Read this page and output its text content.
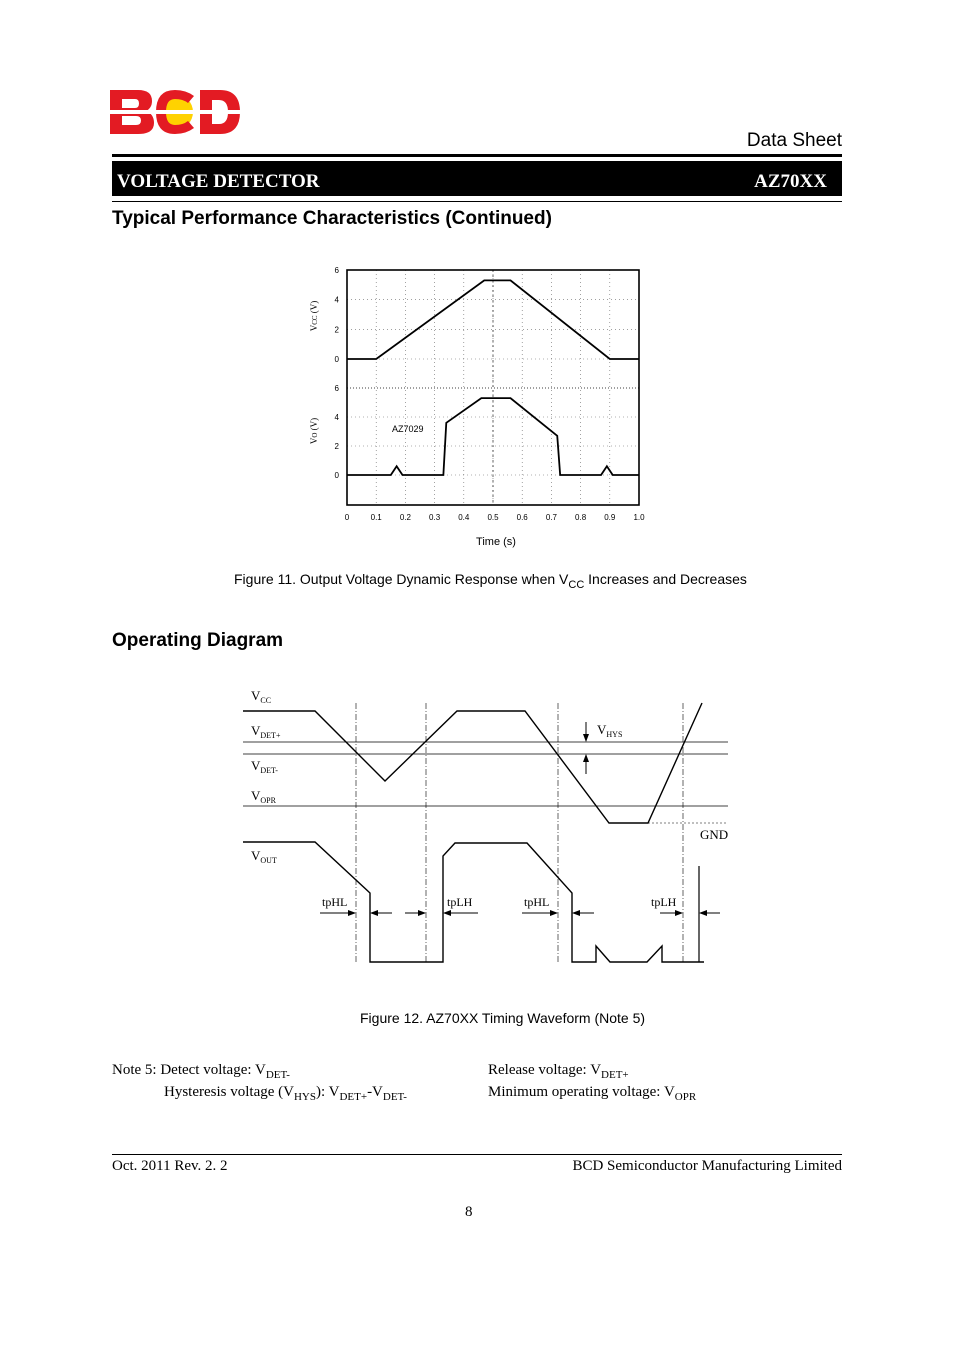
Data Sheet
VOLTAGE DETECTOR	AZ70XX
Typical Performance Characteristics (Continued)
6
4
2
0
6
4
2
0
0	0.1 0.2 0.3 0.4 0.5 0.6 0.7 0.8 0.9 1.0
Time (s)
VCC (V)
VO (V)	AZ7029
Figure 11. Output Voltage Dynamic Response when $V_{CC}$ Increases and Decreases
Operating Diagram
$V_{CC}$
$V_{DET+}$
$V_{DET-}$
$V_{OPR}$
$V_{OUT}$
$V_{HYS}$
GND
tpHL	tpLH	tpHL	tpLH
Figure 12. AZ70XX Timing Waveform (Note 5)
Note 5: Detect voltage: $V_{DET-}$	Release voltage: $V_{DET+}$
Hysteresis voltage $(V_{HYS})$: $V_{DET+}-V_{DET-}$	Minimum operating voltage: $V_{OPR}$
Oct. 2011 Rev. 2. 2	BCD Semiconductor Manufacturing Limited
8
